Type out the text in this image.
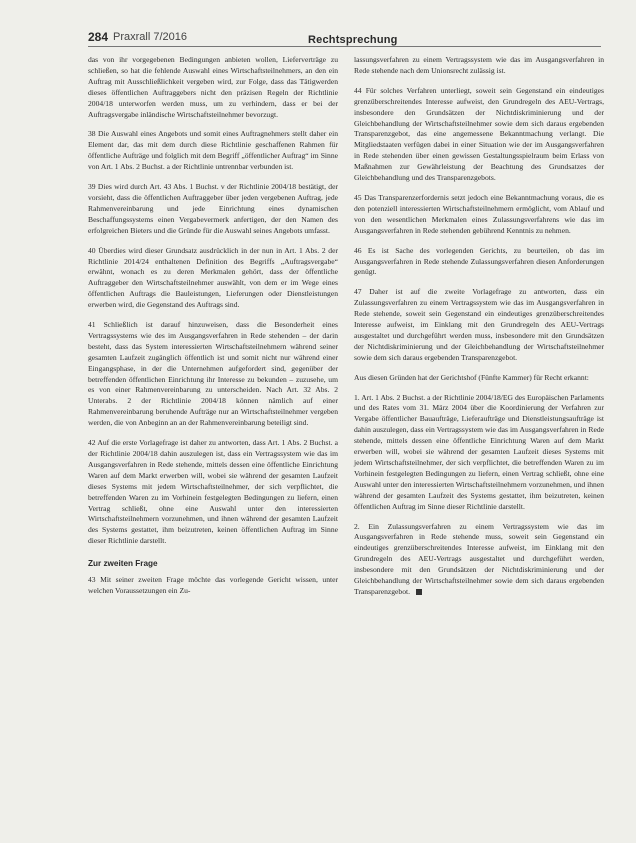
284 Praxrall 7/2016	Rechtsprechung

das von ihr vorgegebenen Bedingungen anbieten wollen, Lieferverträge zu schließen, so hat die fehlende Auswahl eines Wirtschaftsteilnehmers, an den ein Auftrag mit Ausschließlichkeit vergeben wird, zur Folge, dass das Tätigwerden dieses öffentlichen Auftraggebers nicht den präzisen Regeln der Richtlinie 2004/18 unterworfen werden muss, um zu verhindern, dass er bei der Auftragsvergabe inländische Wirtschaftsteilnehmer bevorzugt.

38 Die Auswahl eines Angebots und somit eines Auftragnehmers stellt daher ein Element dar, das mit dem durch diese Richtlinie geschaffenen Rahmen für öffentliche Aufträge und folglich mit dem Begriff „öffentlicher Auftrag“ im Sinne von Art. 1 Abs. 2 Buchst. a der Richtlinie untrennbar verbunden ist.

39 Dies wird durch Art. 43 Abs. 1 Buchst. v der Richtlinie 2004/18 bestätigt, der vorsieht, dass die öffentlichen Auftraggeber über jeden vergebenen Auftrag, jede Rahmenvereinbarung und jede Einrichtung eines dynamischen Beschaffungssystems einen Vergabevermerk anfertigen, der den Namen des erfolgreichen Bieters und die Gründe für die Auswahl seines Angebots umfasst.

40 Überdies wird dieser Grundsatz ausdrücklich in der nun in Art. 1 Abs. 2 der Richtlinie 2014/24 enthaltenen Definition des Begriffs „Auftragsvergabe“ erwähnt, wonach es zu deren Merkmalen gehört, dass der öffentliche Auftraggeber den Wirtschaftsteilnehmer auswählt, von dem er im Wege eines öffentlichen Auftrags die Bauleistungen, Lieferungen oder Dienstleistungen erwerben wird, die Gegenstand des Auftrags sind.

41 Schließlich ist darauf hinzuweisen, dass die Besonderheit eines Vertragssystems wie des im Ausgangsverfahren in Rede stehenden – der darin besteht, dass das System interessierten Wirtschaftsteilnehmern während seiner gesamten Laufzeit zugänglich öffentlich ist und somit nicht nur während einer Eingangsphase, in der die Unternehmen aufgefordert sind, gegenüber der betreffenden öffentlichen Einrichtung ihr Interesse zu bekunden – zuzusehe, um es von einer Rahmenvereinbarung zu unterscheiden. Nach Art. 32 Abs. 2 Unterabs. 2 der Richtlinie 2004/18 können nämlich auf einer Rahmenvereinbarung beruhende Aufträge nur an Wirtschaftsteilnehmer vergeben werden, die von Anbeginn an an der Rahmenvereinbarung beteiligt sind.

42 Auf die erste Vorlagefrage ist daher zu antworten, dass Art. 1 Abs. 2 Buchst. a der Richtlinie 2004/18 dahin auszulegen ist, dass ein Vertragssystem wie das im Ausgangsverfahren in Rede stehende, mittels dessen eine öffentliche Einrichtung Waren auf dem Markt erwerben will, wobei sie während der gesamten Laufzeit dieses Systems mit jedem Wirtschaftsteilnehmer, der sich verpflichtet, die betreffenden Waren zu im Vorhinein festgelegten Bedingungen zu liefern, einen Vertrag schließt, ohne eine Auswahl unter den interessierten Wirtschaftsteilnehmern vorzunehmen, und ihnen während der gesamten Laufzeit des Systems gestattet, ihm beizutreten, keinen öffentlichen Auftrag im Sinne dieser Richtlinie darstellt.

Zur zweiten Frage

43 Mit seiner zweiten Frage möchte das vorlegende Gericht wissen, unter welchen Voraussetzungen ein Zu-

lassungsverfahren zu einem Vertragssystem wie das im Ausgangsverfahren in Rede stehende nach dem Unionsrecht zulässig ist.

44 Für solches Verfahren unterliegt, soweit sein Gegenstand ein eindeutiges grenzüberschreitendes Interesse aufweist, den Grundregeln des AEU-Vertrags, insbesondere den Grundsätzen der Nichtdiskriminierung und der Gleichbehandlung der Wirtschaftsteilnehmer sowie dem sich daraus ergebenden Transparenzgebot, das eine angemessene Bekanntmachung verlangt. Die Mitgliedstaaten verfügen dabei in einer Situation wie der im Ausgangsverfahren in Rede stehenden über einen gewissen Gestaltungsspielraum beim Erlass von Maßnahmen zur Gewährleistung der Beachtung des Grundsatzes der Gleichbehandlung und des Transparenzgebots.

45 Das Transparenzerfordernis setzt jedoch eine Bekanntmachung voraus, die es den potenziell interessierten Wirtschaftsteilnehmern ermöglicht, vom Ablauf und von den wesentlichen Merkmalen eines Zulassungsverfahrens wie das im Ausgangsverfahren in Rede stehenden gebührend Kenntnis zu nehmen.

46 Es ist Sache des vorlegenden Gerichts, zu beurteilen, ob das im Ausgangsverfahren in Rede stehende Zulassungsverfahren diesen Anforderungen genügt.

47 Daher ist auf die zweite Vorlagefrage zu antworten, dass ein Zulassungsverfahren zu einem Vertragssystem wie das im Ausgangsverfahren in Rede stehende, soweit sein Gegenstand ein eindeutiges grenzüberschreitendes Interesse aufweist, im Einklang mit den Grundregeln des AEU-Vertrags ausgestaltet und durchgeführt werden muss, insbesondere mit den Grundsätzen der Nichtdiskriminierung und der Gleichbehandlung der Wirtschaftsteilnehmer sowie dem sich daraus ergebenden Transparenzgebot.

Aus diesen Gründen hat der Gerichtshof (Fünfte Kammer) für Recht erkannt:

1. Art. 1 Abs. 2 Buchst. a der Richtlinie 2004/18/EG des Europäischen Parlaments und des Rates vom 31. März 2004 über die Koordinierung der Verfahren zur Vergabe öffentlicher Bauaufträge, Lieferaufträge und Dienstleistungsaufträge ist dahin auszulegen, dass ein Vertragssystem wie das im Ausgangsverfahren in Rede stehende, mittels dessen eine öffentliche Einrichtung Waren auf dem Markt erwerben will, wobei sie während der gesamten Laufzeit dieses Systems mit jedem Wirtschaftsteilnehmer, der sich verpflichtet, die betreffenden Waren zu im Vorhinein festgelegten Bedingungen zu liefern, einen Vertrag schließt, ohne eine Auswahl unter den interessierten Wirtschaftsteilnehmern vorzunehmen, und ihnen während der gesamten Laufzeit des Systems gestattet, ihm beizutreten, keinen öffentlichen Auftrag im Sinne dieser Richtlinie darstellt.

2. Ein Zulassungsverfahren zu einem Vertragssystem wie das im Ausgangsverfahren in Rede stehende muss, soweit sein Gegenstand ein eindeutiges grenzüberschreitendes Interesse aufweist, im Einklang mit den Grundregeln des AEU-Vertrags ausgestaltet und durchgeführt werden, insbesondere mit den Grundsätzen der Nichtdiskriminierung und der Gleichbehandlung der Wirtschaftsteilnehmer sowie dem sich daraus ergebenden Transparenzgebot.
